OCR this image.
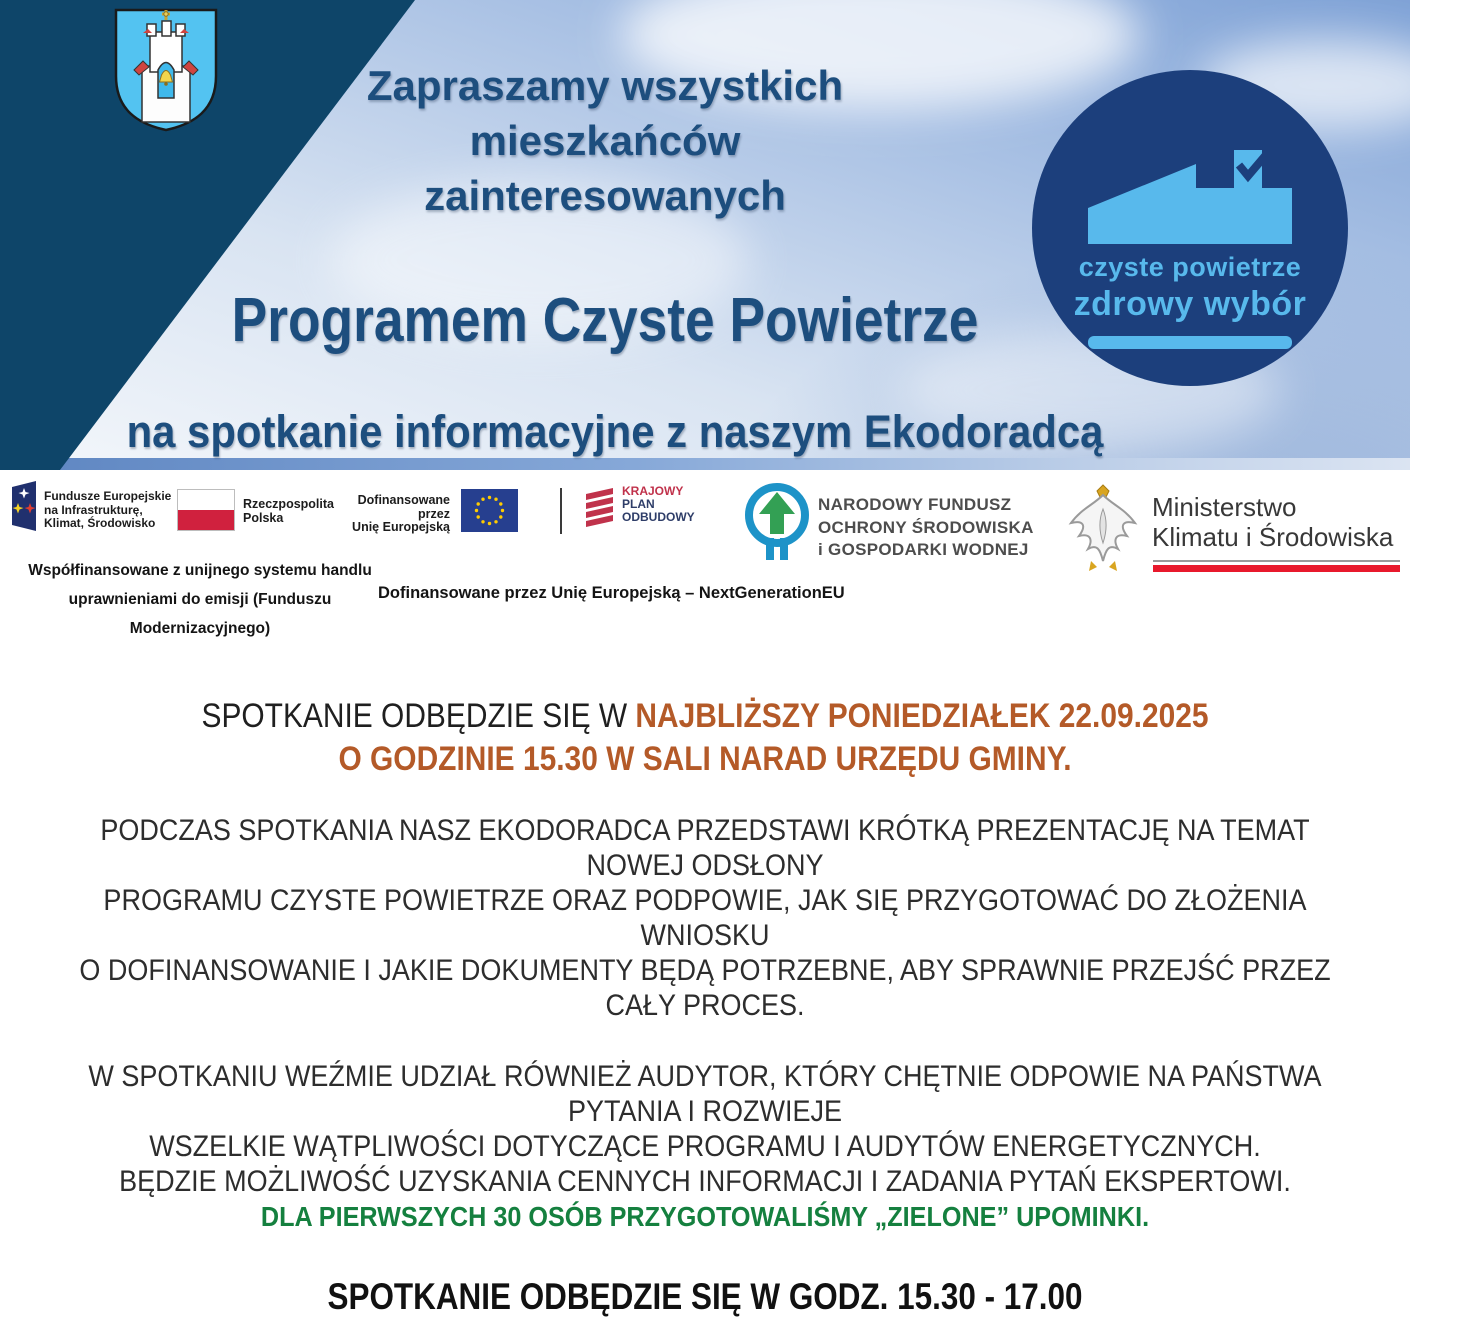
Zapraszamy wszystkich
mieszkańców
zainteresowanych
Programem Czyste Powietrze
na spotkanie informacyjne z naszym Ekodoradcą
czyste powietrze
zdrowy wybór
Fundusze Europejskie
na Infrastrukturę,
Klimat, Środowisko
Rzeczpospolita
Polska
Dofinansowane przez
Unię Europejską
KRAJOWY
PLAN
ODBUDOWY
NARODOWY FUNDUSZ
OCHRONY ŚRODOWISKA
i GOSPODARKI WODNEJ
Ministerstwo
Klimatu i Środowiska
Współfinansowane z unijnego systemu handlu
uprawnieniami do emisji (Funduszu Modernizacyjnego)
Dofinansowane przez Unię Europejską – NextGenerationEU
SPOTKANIE ODBĘDZIE SIĘ W NAJBLIŻSZY PONIEDZIAŁEK 22.09.2025
O GODZINIE 15.30 W SALI NARAD URZĘDU GMINY.
PODCZAS SPOTKANIA NASZ EKODORADCA PRZEDSTAWI KRÓTKĄ PREZENTACJĘ NA TEMAT NOWEJ ODSŁONY
PROGRAMU CZYSTE POWIETRZE ORAZ PODPOWIE, JAK SIĘ PRZYGOTOWAĆ DO ZŁOŻENIA WNIOSKU
O DOFINANSOWANIE I JAKIE DOKUMENTY BĘDĄ POTRZEBNE, ABY SPRAWNIE PRZEJŚĆ PRZEZ CAŁY PROCES.
W SPOTKANIU WEŹMIE UDZIAŁ RÓWNIEŻ AUDYTOR, KTÓRY CHĘTNIE ODPOWIE NA PAŃSTWA PYTANIA I ROZWIEJE
WSZELKIE WĄTPLIWOŚCI DOTYCZĄCE PROGRAMU I AUDYTÓW ENERGETYCZNYCH.
BĘDZIE MOŻLIWOŚĆ UZYSKANIA CENNYCH INFORMACJI I ZADANIA PYTAŃ EKSPERTOWI.
DLA PIERWSZYCH 30 OSÓB PRZYGOTOWALIŚMY „ZIELONE” UPOMINKI.
SPOTKANIE ODBĘDZIE SIĘ W GODZ. 15.30 - 17.00
